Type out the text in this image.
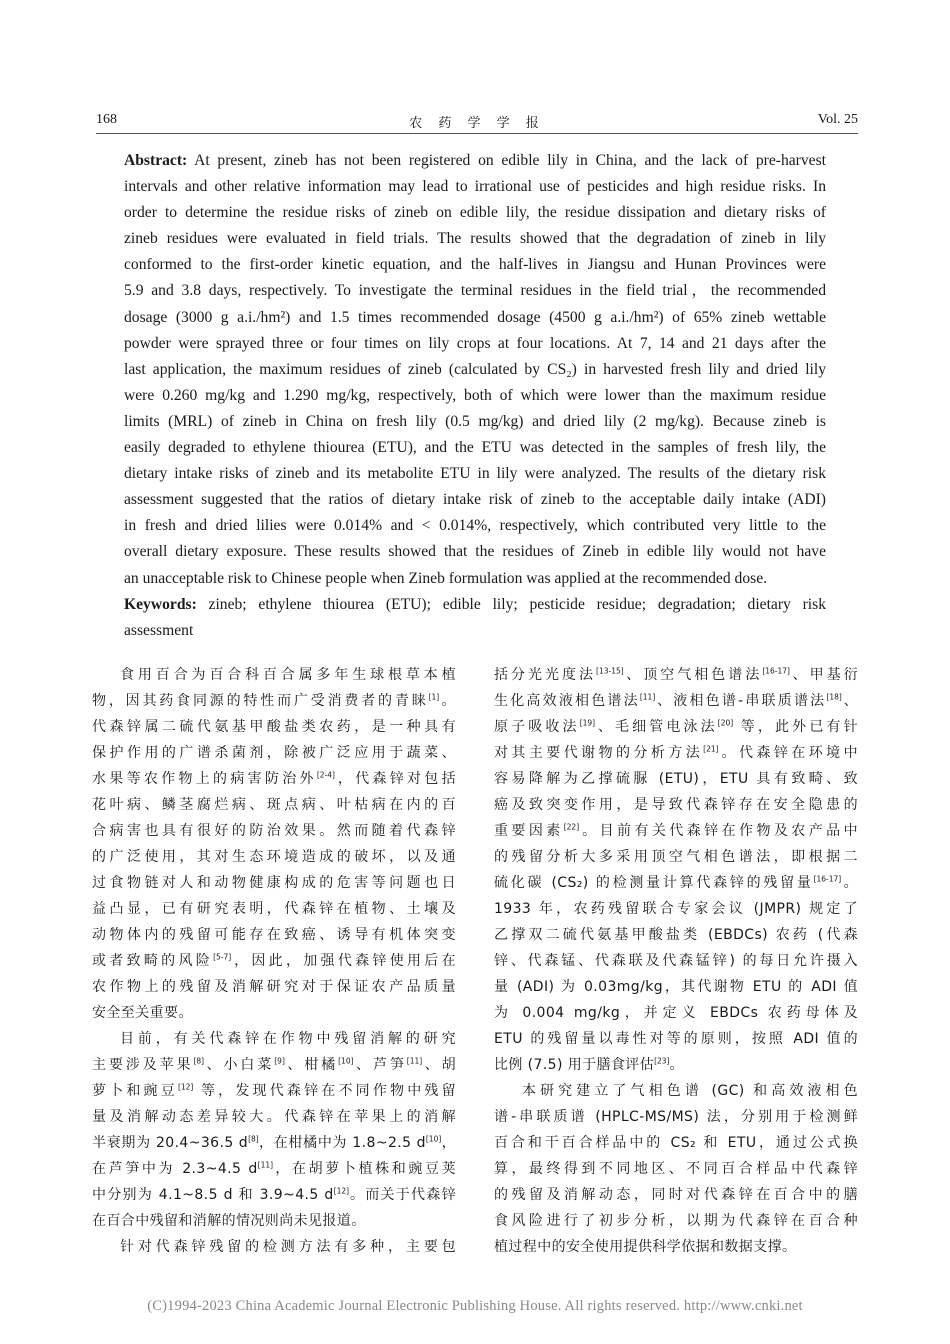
168	农 药 学 学 报	Vol. 25
Abstract: At present, zineb has not been registered on edible lily in China, and the lack of pre-harvest
intervals and other relative information may lead to irrational use of pesticides and high residue risks. In
order to determine the residue risks of zineb on edible lily, the residue dissipation and dietary risks of
zineb residues were evaluated in field trials. The results showed that the degradation of zineb in lily
conformed to the first-order kinetic equation, and the half-lives in Jiangsu and Hunan Provinces were
5.9 and 3.8 days, respectively. To investigate the terminal residues in the field trial，the recommended
dosage (3000 g a.i./hm²) and 1.5 times recommended dosage (4500 g a.i./hm²) of 65% zineb wettable
powder were sprayed three or four times on lily crops at four locations. At 7, 14 and 21 days after the
last application, the maximum residues of zineb (calculated by CS₂) in harvested fresh lily and dried lily
were 0.260 mg/kg and 1.290 mg/kg, respectively, both of which were lower than the maximum residue
limits (MRL) of zineb in China on fresh lily (0.5 mg/kg) and dried lily (2 mg/kg). Because zineb is
easily degraded to ethylene thiourea (ETU), and the ETU was detected in the samples of fresh lily, the
dietary intake risks of zineb and its metabolite ETU in lily were analyzed. The results of the dietary risk
assessment suggested that the ratios of dietary intake risk of zineb to the acceptable daily intake (ADI)
in fresh and dried lilies were 0.014% and < 0.014%, respectively, which contributed very little to the
overall dietary exposure. These results showed that the residues of Zineb in edible lily would not have
an unacceptable risk to Chinese people when Zineb formulation was applied at the recommended dose.
Keywords: zineb; ethylene thiourea (ETU); edible lily; pesticide residue; degradation; dietary risk
assessment
食用百合为百合科百合属多年生球根草本植
物，因其药食同源的特性而广受消费者的青睐[1]。
代森锌属二硫代氨基甲酸盐类农药，是一种具有
保护作用的广谱杀菌剂，除被广泛应用于蔬菜、
水果等农作物上的病害防治外[2-4]，代森锌对包括
花叶病、鳞茎腐烂病、斑点病、叶枯病在内的百
合病害也具有很好的防治效果。然而随着代森锌
的广泛使用，其对生态环境造成的破坏，以及通
过食物链对人和动物健康构成的危害等问题也日
益凸显，已有研究表明，代森锌在植物、土壤及
动物体内的残留可能存在致癌、诱导有机体突变
或者致畸的风险[5-7]，因此，加强代森锌使用后在
农作物上的残留及消解研究对于保证农产品质量
安全至关重要。
目前，有关代森锌在作物中残留消解的研究
主要涉及苹果[8]、小白菜[9]、柑橘[10]、芦笋[11]、胡
萝卜和豌豆[12] 等，发现代森锌在不同作物中残留
量及消解动态差异较大。代森锌在苹果上的消解
半衰期为 20.4~36.5 d[8]，在柑橘中为 1.8~2.5 d[10]，
在芦笋中为 2.3~4.5 d[11]，在胡萝卜植株和豌豆荚
中分别为 4.1~8.5 d 和 3.9~4.5 d[12]。而关于代森锌
在百合中残留和消解的情况则尚未见报道。
针对代森锌残留的检测方法有多种，主要包
括分光光度法[13-15]、顶空气相色谱法[16-17]、甲基衍
生化高效液相色谱法[11]、液相色谱-串联质谱法[18]、
原子吸收法[19]、毛细管电泳法[20] 等，此外已有针
对其主要代谢物的分析方法[21]。代森锌在环境中
容易降解为乙撑硫脲 (ETU)，ETU 具有致畸、致
癌及致突变作用，是导致代森锌存在安全隐患的
重要因素[22]。目前有关代森锌在作物及农产品中
的残留分析大多采用顶空气相色谱法，即根据二
硫化碳 (CS₂) 的检测量计算代森锌的残留量[16-17]。
1933 年，农药残留联合专家会议 (JMPR) 规定了
乙撑双二硫代氨基甲酸盐类 (EBDCs) 农药 (代森
锌、代森锰、代森联及代森锰锌) 的每日允许摄入
量 (ADI) 为 0.03mg/kg，其代谢物 ETU 的 ADI 值
为 0.004 mg/kg，并定义 EBDCs 农药母体及
ETU 的残留量以毒性对等的原则，按照 ADI 值的
比例 (7.5) 用于膳食评估[23]。
本研究建立了气相色谱 (GC) 和高效液相色
谱-串联质谱 (HPLC-MS/MS) 法，分别用于检测鲜
百合和干百合样品中的 CS₂ 和 ETU，通过公式换
算，最终得到不同地区、不同百合样品中代森锌
的残留及消解动态，同时对代森锌在百合中的膳
食风险进行了初步分析，以期为代森锌在百合种
植过程中的安全使用提供科学依据和数据支撑。
(C)1994-2023 China Academic Journal Electronic Publishing House. All rights reserved. http://www.cnki.net
